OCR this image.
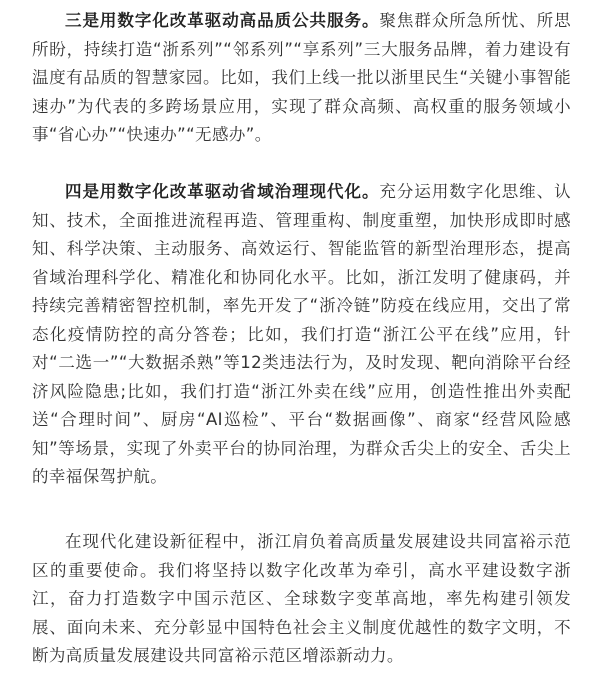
三是用数字化改革驱动高品质公共服务。聚焦群众所急所忧、所思所盼，持续打造“浙系列”“邻系列”“享系列”三大服务品牌，着力建设有温度有品质的智慧家园。比如，我们上线一批以浙里民生“关键小事智能速办”为代表的多跨场景应用，实现了群众高频、高权重的服务领域小事“省心办”“快速办”“无感办”。

四是用数字化改革驱动省域治理现代化。充分运用数字化思维、认知、技术，全面推进流程再造、管理重构、制度重塑，加快形成即时感知、科学决策、主动服务、高效运行、智能监管的新型治理形态，提高省域治理科学化、精准化和协同化水平。比如，浙江发明了健康码，并持续完善精密智控机制，率先开发了“浙冷链”防疫在线应用，交出了常态化疫情防控的高分答卷；比如，我们打造“浙江公平在线”应用，针对“二选一”“大数据杀熟”等12类违法行为，及时发现、靶向消除平台经济风险隐患;比如，我们打造“浙江外卖在线”应用，创造性推出外卖配送“合理时间”、厨房“AI巡检”、平台“数据画像”、商家“经营风险感知”等场景，实现了外卖平台的协同治理，为群众舌尖上的安全、舌尖上的幸福保驾护航。

在现代化建设新征程中，浙江肩负着高质量发展建设共同富裕示范区的重要使命。我们将坚持以数字化改革为牵引，高水平建设数字浙江，奋力打造数字中国示范区、全球数字变革高地，率先构建引领发展、面向未来、充分彰显中国特色社会主义制度优越性的数字文明，不断为高质量发展建设共同富裕示范区增添新动力。
